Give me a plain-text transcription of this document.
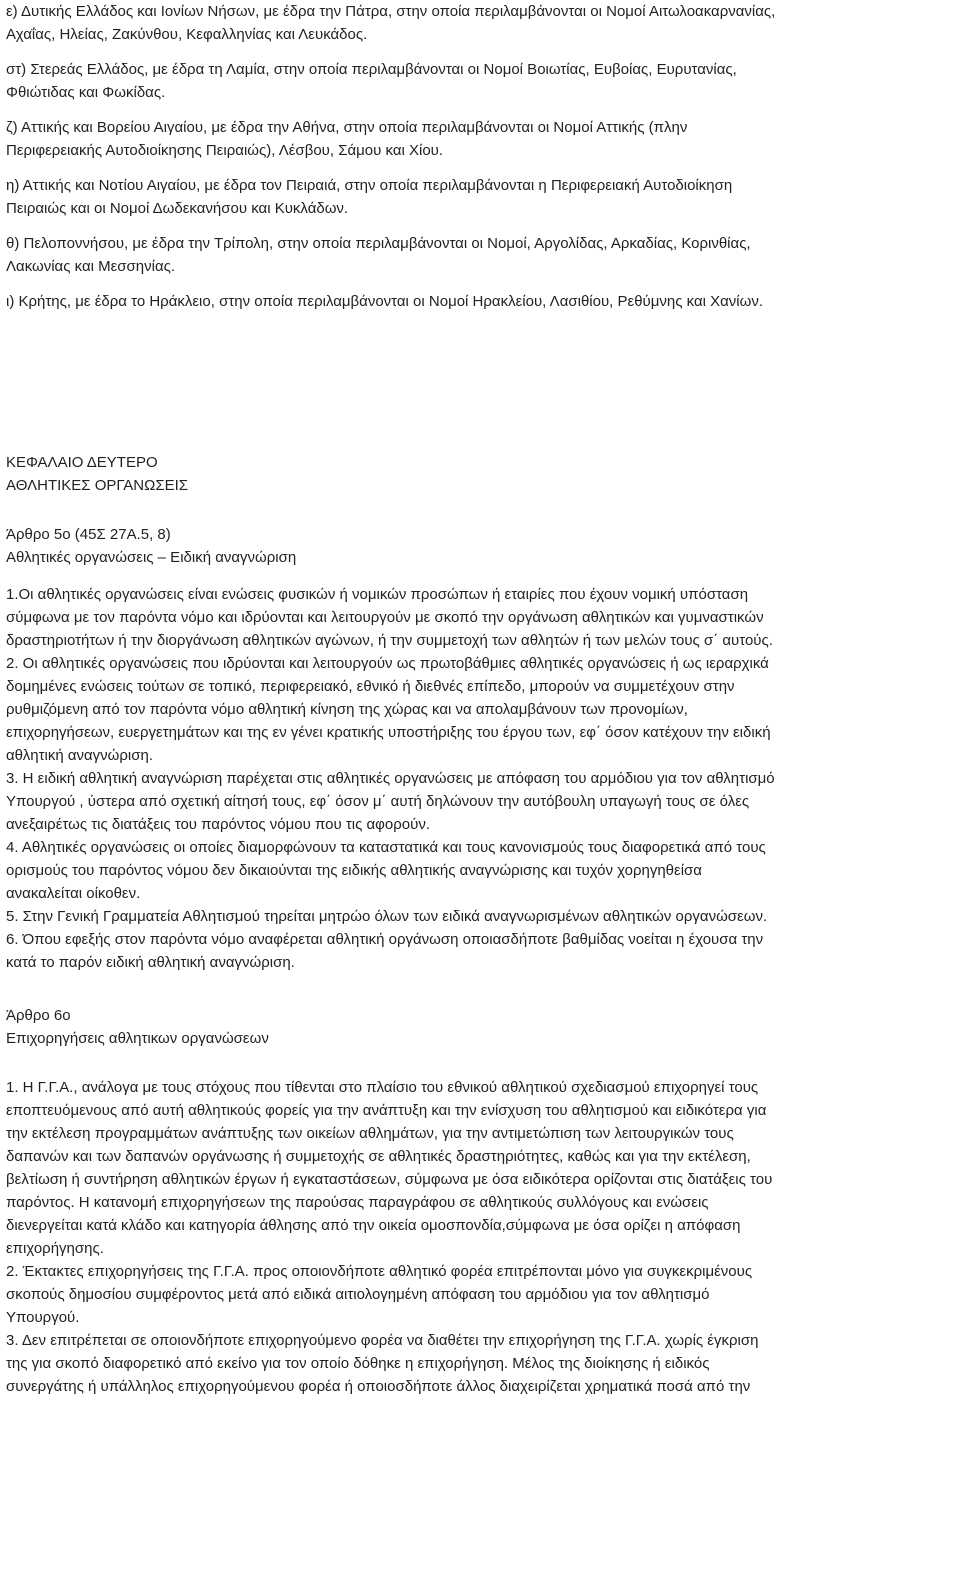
ε) Δυτικής Ελλάδος και Ιονίων Νήσων, με έδρα την Πάτρα, στην οποία περιλαμβάνονται οι Νομοί Αιτωλοακαρνανίας,
Αχαΐας, Ηλείας, Ζακύνθου, Κεφαλληνίας και Λευκάδος.

στ) Στερεάς Ελλάδος, με έδρα τη Λαμία, στην οποία περιλαμβάνονται οι Νομοί Βοιωτίας, Ευβοίας, Ευρυτανίας,
Φθιώτιδας και Φωκίδας.

ζ) Αττικής και Βορείου Αιγαίου, με έδρα την Αθήνα, στην οποία περιλαμβάνονται οι Νομοί Αττικής (πλην
Περιφερειακής Αυτοδιοίκησης Πειραιώς), Λέσβου, Σάμου και Χίου.

η) Αττικής και Νοτίου Αιγαίου, με έδρα τον Πειραιά, στην οποία περιλαμβάνονται η Περιφερειακή Αυτοδιοίκηση
Πειραιώς και οι Νομοί Δωδεκανήσου και Κυκλάδων.

θ) Πελοποννήσου, με έδρα την Τρίπολη, στην οποία περιλαμβάνονται οι Νομοί, Αργολίδας, Αρκαδίας, Κορινθίας,
Λακωνίας και Μεσσηνίας.

ι) Κρήτης, με έδρα το Ηράκλειο, στην οποία περιλαμβάνονται οι Νομοί Ηρακλείου, Λασιθίου, Ρεθύμνης και Χανίων.

ΚΕΦΑΛΑΙΟ ΔΕΥΤΕΡΟ
ΑΘΛΗΤΙΚΕΣ ΟΡΓΑΝΩΣΕΙΣ
Άρθρο 5ο (45Σ 27Α.5, 8)
Αθλητικές οργανώσεις – Ειδική αναγνώριση
1.Οι αθλητικές οργανώσεις είναι ενώσεις φυσικών ή νομικών προσώπων ή εταιρίες που έχουν νομική υπόσταση
σύμφωνα με τον παρόντα νόμο και ιδρύονται και λειτουργούν με σκοπό την οργάνωση αθλητικών και γυμναστικών
δραστηριοτήτων ή την διοργάνωση αθλητικών αγώνων, ή την συμμετοχή των αθλητών ή των μελών τους σ΄ αυτούς.
2. Οι αθλητικές οργανώσεις που ιδρύονται και λειτουργούν ως πρωτοβάθμιες αθλητικές οργανώσεις ή ως ιεραρχικά
δομημένες ενώσεις τούτων σε τοπικό, περιφερειακό, εθνικό ή διεθνές επίπεδο, μπορούν να συμμετέχουν στην
ρυθμιζόμενη από τον παρόντα νόμο αθλητική κίνηση της χώρας και να απολαμβάνουν των προνομίων,
επιχορηγήσεων, ευεργετημάτων και της εν γένει κρατικής υποστήριξης του έργου των, εφ΄ όσον κατέχουν την ειδική
αθλητική αναγνώριση.
3. Η ειδική αθλητική αναγνώριση παρέχεται στις αθλητικές οργανώσεις με απόφαση του αρμόδιου για τον αθλητισμό
Υπουργού , ύστερα από σχετική αίτησή τους, εφ΄ όσον μ΄ αυτή δηλώνουν την αυτόβουλη υπαγωγή τους σε όλες
ανεξαιρέτως τις διατάξεις του παρόντος νόμου που τις αφορούν.
4. Αθλητικές οργανώσεις οι οποίες διαμορφώνουν τα καταστατικά και τους κανονισμούς τους διαφορετικά από τους
ορισμούς του παρόντος νόμου δεν δικαιούνται της ειδικής αθλητικής αναγνώρισης και τυχόν χορηγηθείσα
ανακαλείται οίκοθεν.
5. Στην Γενική Γραμματεία Αθλητισμού τηρείται μητρώο όλων των ειδικά αναγνωρισμένων αθλητικών οργανώσεων.
6. Όπου εφεξής στον παρόντα νόμο αναφέρεται αθλητική οργάνωση οποιασδήποτε βαθμίδας νοείται η έχουσα την
κατά το παρόν ειδική αθλητική αναγνώριση.
Άρθρο 6ο
Επιχορηγήσεις αθλητικων οργανώσεων
1. Η Γ.Γ.Α., ανάλογα με τους στόχους που τίθενται στο πλαίσιο του εθνικού αθλητικού σχεδιασμού επιχορηγεί τους
εποπτευόμενους από αυτή αθλητικούς φορείς για την ανάπτυξη και την ενίσχυση του αθλητισμού και ειδικότερα για
την εκτέλεση προγραμμάτων ανάπτυξης των οικείων αθλημάτων, για την αντιμετώπιση των λειτουργικών τους
δαπανών και των δαπανών οργάνωσης ή συμμετοχής σε αθλητικές δραστηριότητες, καθώς και για την εκτέλεση,
βελτίωση ή συντήρηση αθλητικών έργων ή εγκαταστάσεων, σύμφωνα με όσα ειδικότερα ορίζονται στις διατάξεις του
παρόντος. Η κατανομή επιχορηγήσεων της παρούσας παραγράφου σε αθλητικούς συλλόγους και ενώσεις
διενεργείται κατά κλάδο και κατηγορία άθλησης από την οικεία ομοσπονδία,σύμφωνα με όσα ορίζει η απόφαση
επιχορήγησης.
2. Έκτακτες επιχορηγήσεις της Γ.Γ.Α. προς οποιονδήποτε αθλητικό φορέα επιτρέπονται μόνο για συγκεκριμένους
σκοπούς δημοσίου συμφέροντος μετά από ειδικά αιτιολογημένη απόφαση του αρμόδιου για τον αθλητισμό
Υπουργού.
3. Δεν επιτρέπεται σε οποιονδήποτε επιχορηγούμενο φορέα να διαθέτει την επιχορήγηση της Γ.Γ.Α. χωρίς έγκριση
της για σκοπό διαφορετικό από εκείνο για τον οποίο δόθηκε η επιχορήγηση. Μέλος της διοίκησης ή ειδικός
συνεργάτης ή υπάλληλος επιχορηγούμενου φορέα ή οποιοσδήποτε άλλος διαχειρίζεται χρηματικά ποσά από την
